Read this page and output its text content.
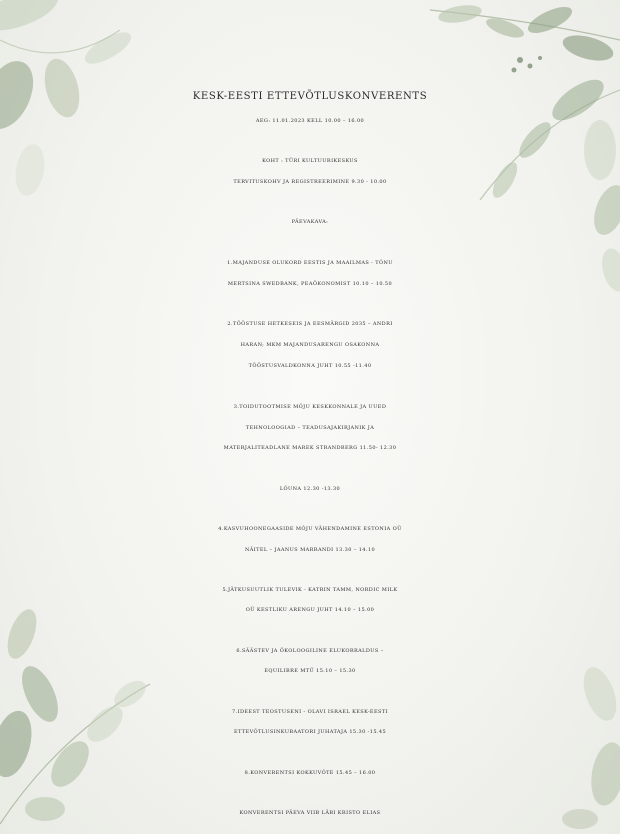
KESK-EESTI ETTEVÕTLUSKONVERENTS
AEG: 11.01.2023 KELL 10.00 – 16.00
KOHT : TÜRI KULTUURIKESKUS
TERVITUSKOHV JA REGISTREERIMINE 9.30 - 10.00
PÄEVAKAVA:
1.MAJANDUSE OLUKORD EESTIS JA MAAILMAS - TÕNU
MERTSINA SWEDBANK, PEAÖKONOMIST 10.10 – 10.50
2.TÖÖSTUSE HETKESEIS JA EESMÄRGID 2035 – ANDRI
HARAN; MKM MAJANDUSARENGU OSAKONNA
TÖÖSTUSVALDKONNA JUHT 10.55 -11.40
3.TOIDUTOOTMISE MÕJU KESKKONNALE JA UUED
TEHNOLOOGIAD – TEADUSAJAKIRJANIK JA
MATERJALITEADLANE MAREK STRANDBERG 11.50- 12.30
LÕUNA 12.30 -13.30
4.KASVUHOONEGAASIDE MÕJU VÄHENDAMINE ESTONIA OÜ
NÄITEL – JAANUS MARRANDI 13.30 – 14.10
5.JÄTKUSUUTLIK TULEVIK - KATRIN TAMM, NORDIC MILK
OÜ KESTLIKU ARENGU JUHT 14.10 – 15.00
6.SÄÄSTEV JA ÖKOLOOGILINE ELUKORRALDUS –
EQUILIBRE MTÜ 15.10 – 15.30
7.IDEEST TEOSTUSENI - OLAVI ISRAEL KESK-EESTI
ETTEVÕTLUSINKUBAATORI JUHATAJA 15.30 -15.45
8.KONVERENTSI KOKKUVÕTE 15.45 – 16.00
KONVERENTSI PÄEVA VIIB LÄBI KRISTO ELIAS
